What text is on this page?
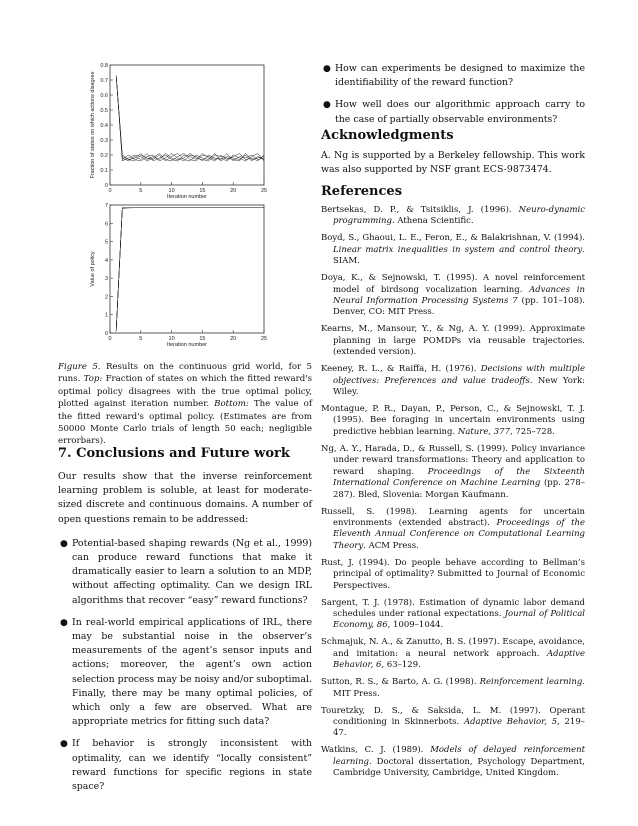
0	5	10	15	20	25
0
0.1
0.2
0.3
0.4
0.5
0.6
0.7
0.8
Iteration number
Fraction of states on which actions disagree
0	5	10	15	20	25
0
1
2
3
4
5
6
7
Iteration number
Value of policy
Figure 5. Results on the continuous grid world, for 5 runs. Top: Fraction of states on which the fitted reward's optimal policy disagrees with the true optimal policy, plotted against iteration number. Bottom: The value of the fitted reward's optimal policy. (Estimates are from 50000 Monte Carlo trials of length 50 each; negligible errorbars).
7. Conclusions and Future work

Our results show that the inverse reinforcement learning problem is soluble, at least for moderate-sized discrete and continuous domains. A number of open questions remain to be addressed:

● Potential-based shaping rewards (Ng et al., 1999) can produce reward functions that make it dramatically easier to learn a solution to an MDP, without affecting optimality. Can we design IRL algorithms that recover “easy” reward functions?
● In real-world empirical applications of IRL, there may be substantial noise in the observer’s measurements of the agent’s sensor inputs and actions; moreover, the agent’s own action selection process may be noisy and/or suboptimal. Finally, there may be many optimal policies, of which only a few are observed. What are appropriate metrics for fitting such data?
● If behavior is strongly inconsistent with optimality, can we identify “locally consistent” reward functions for specific regions in state space?
● How can experiments be designed to maximize the identifiability of the reward function?
● How well does our algorithmic approach carry to the case of partially observable environments?
Acknowledgments

A. Ng is supported by a Berkeley fellowship. This work was also supported by NSF grant ECS-9873474.

References
Bertsekas, D. P., & Tsitsiklis, J. (1996). Neuro-dynamic programming. Athena Scientific.
Boyd, S., Ghaoui, L. E., Feron, E., & Balakrishnan, V. (1994). Linear matrix inequalities in system and control theory. SIAM.
Doya, K., & Sejnowski, T. (1995). A novel reinforcement model of birdsong vocalization learning. Advances in Neural Information Processing Systems 7 (pp. 101–108). Denver, CO: MIT Press.
Kearns, M., Mansour, Y., & Ng, A. Y. (1999). Approximate planning in large POMDPs via reusable trajectories. (extended version).
Keeney, R. L., & Raiffa, H. (1976). Decisions with multiple objectives: Preferences and value tradeoffs. New York: Wiley.
Montague, P. R., Dayan, P., Person, C., & Sejnowski, T. J. (1995). Bee foraging in uncertain environments using predictive hebbian learning. Nature, 377, 725–728.
Ng, A. Y., Harada, D., & Russell, S. (1999). Policy invariance under reward transformations: Theory and application to reward shaping. Proceedings of the Sixteenth International Conference on Machine Learning (pp. 278–287). Bled, Slovenia: Morgan Kaufmann.
Russell, S. (1998). Learning agents for uncertain environments (extended abstract). Proceedings of the Eleventh Annual Conference on Computational Learning Theory. ACM Press.
Rust, J. (1994). Do people behave according to Bellman’s principal of optimality? Submitted to Journal of Economic Perspectives.
Sargent, T. J. (1978). Estimation of dynamic labor demand schedules under rational expectations. Journal of Political Economy, 86, 1009–1044.
Schmajuk, N. A., & Zanutto, B. S. (1997). Escape, avoidance, and imitation: a neural network approach. Adaptive Behavior, 6, 63–129.
Sutton, R. S., & Barto, A. G. (1998). Reinforcement learning. MIT Press.
Touretzky, D. S., & Saksida, L. M. (1997). Operant conditioning in Skinnerbots. Adaptive Behavior, 5, 219–47.
Watkins, C. J. (1989). Models of delayed reinforcement learning. Doctoral dissertation, Psychology Department, Cambridge University, Cambridge, United Kingdom.
